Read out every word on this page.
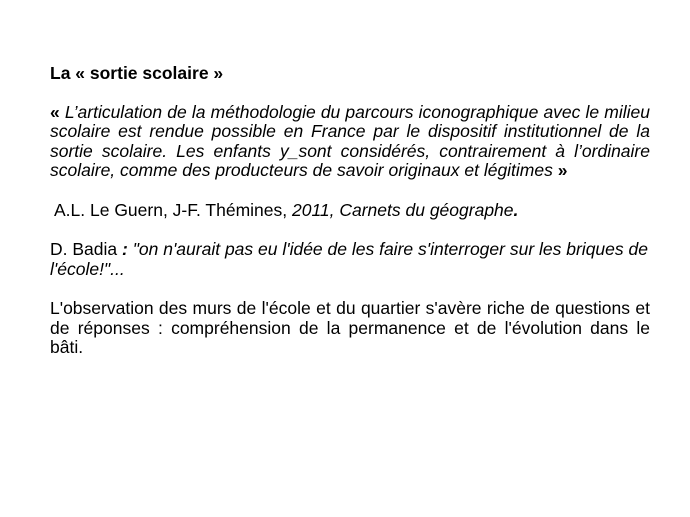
La « sortie scolaire »

« L’articulation de la méthodologie du parcours iconographique avec le milieu scolaire est rendue possible en France par le dispositif institutionnel de la sortie scolaire. Les enfants y_sont considérés, contrairement à l’ordinaire scolaire, comme des producteurs de savoir originaux et légitimes »

A.L. Le Guern, J-F. Thémines, 2011, Carnets du géographe.

D. Badia : "on n'aurait pas eu l'idée de les faire s'interroger sur les briques de l'école!"...

L'observation des murs de l'école et du quartier s'avère riche de questions et de réponses : compréhension de la permanence et de l'évolution dans le bâti.
